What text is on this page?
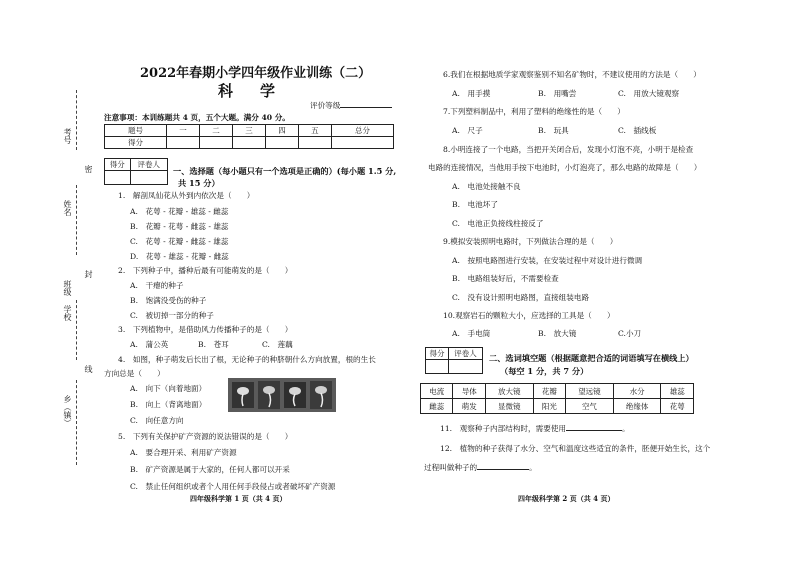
考号
密
姓名
封
班级
学校
线
乡（镇）
2022年春期小学四年级作业训练（二）
科　学
评价等级
注意事项：本训练题共 4 页，五个大题。满分 40 分。
题号	一	二	三	四	五	总分
得分						
得分	评卷人

一、选择题（每小题只有一个选项是正确的）(每小题 1.5 分,
共 15 分）
1.　解剖凤仙花从外到内依次是（　　）
A.　花萼 - 花瓣 - 雄蕊 - 雌蕊
B.　花瓣 - 花萼 - 雌蕊 - 雄蕊
C.　花萼 - 花瓣 - 雌蕊 - 雄蕊
D.　花萼 - 雄蕊 - 花瓣 - 雌蕊
2.　下列种子中，播种后最有可能萌发的是（　　）
A.　干瘪的种子
B.　饱满没受伤的种子
C.　被切掉一部分的种子
3.　下列植物中，是借助风力传播种子的是（　　）
A.　蒲公英	B.　苍耳	C.　莲藕
4.　如图，种子萌发后长出了根，无论种子的种脐朝什么方向放置，根的生长
方向总是（　　）
A.　向下（向着地面）
B.　向上（背离地面）
C.　向任意方向
5.　下列有关保护矿产资源的说法错误的是（　　）
A.　要合理开采、利用矿产资源
B.　矿产资源是属于大家的，任何人都可以开采
C.　禁止任何组织或者个人用任何手段侵占或者破坏矿产资源
四年级科学第 1 页（共 4 页）
6.我们在根据地质学家观察鉴别不知名矿物时，不建议使用的方法是（　　）
A.　用手摸	B.　用嘴尝	C.　用放大镜观察
7.下列塑料制品中，利用了塑料的绝缘性的是（　　）
A.　尺子	B.　玩具	C.　插线板
8.小明连接了一个电路，当把开关闭合后，发现小灯泡不亮，小明于是检查
电路的连接情况，当他用手按下电池时，小灯泡亮了，那么电路的故障是（　　）
A.　电池处接触不良
B.　电池坏了
C.　电池正负接线柱接反了
9.模拟安装照明电路时，下列做法合理的是（　　）
A.　按照电路图进行安装，在安装过程中对设计进行微调
B.　电路组装好后，不需要检查
C.　没有设计照明电路图，直接组装电路
10.观察岩石的颗粒大小，应选择的工具是（　　）
A.　手电筒	B.　放大镜	C.小刀
得分	评卷人
	二、选词填空题（根据题意把合适的词语填写在横线上）
（每空 1 分，共 7 分）
电流	导体	放大镜	花瓣	望远镜	水分	雄蕊
雌蕊	萌发	显微镜	阳光	空气	绝缘体	花萼
11.　观察种子内部结构时，需要使用	。
12.　植物的种子获得了水分、空气和温度这些适宜的条件，胚便开始生长，这个
过程叫做种子的	。
四年级科学第 2 页（共 4 页）
